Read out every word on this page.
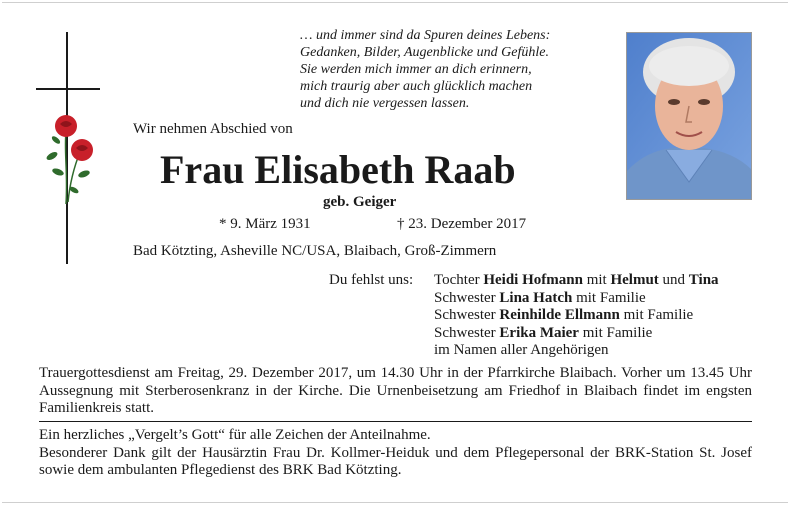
… und immer sind da Spuren deines Lebens:
Gedanken, Bilder, Augenblicke und Gefühle.
Sie werden mich immer an dich erinnern,
mich traurig aber auch glücklich machen
und dich nie vergessen lassen.
Wir nehmen Abschied von
Frau Elisabeth Raab
geb. Geiger
* 9. März 1931	† 23. Dezember 2017
Bad Kötzting, Asheville NC/USA, Blaibach, Groß-Zimmern
Du fehlst uns: Tochter Heidi Hofmann mit Helmut und Tina
Schwester Lina Hatch mit Familie
Schwester Reinhilde Ellmann mit Familie
Schwester Erika Maier mit Familie
im Namen aller Angehörigen
Trauergottesdienst am Freitag, 29. Dezember 2017, um 14.30 Uhr in der Pfarrkirche Blaibach. Vorher um 13.45 Uhr Aussegnung mit Sterberosenkranz in der Kirche. Die Urnenbeisetzung am Friedhof in Blaibach findet im engsten Familienkreis statt.
Ein herzliches „Vergelt’s Gott“ für alle Zeichen der Anteilnahme.
Besonderer Dank gilt der Hausärztin Frau Dr. Kollmer-Heiduk und dem Pflegepersonal der BRK-Station St. Josef sowie dem ambulanten Pflegedienst des BRK Bad Kötzting.
